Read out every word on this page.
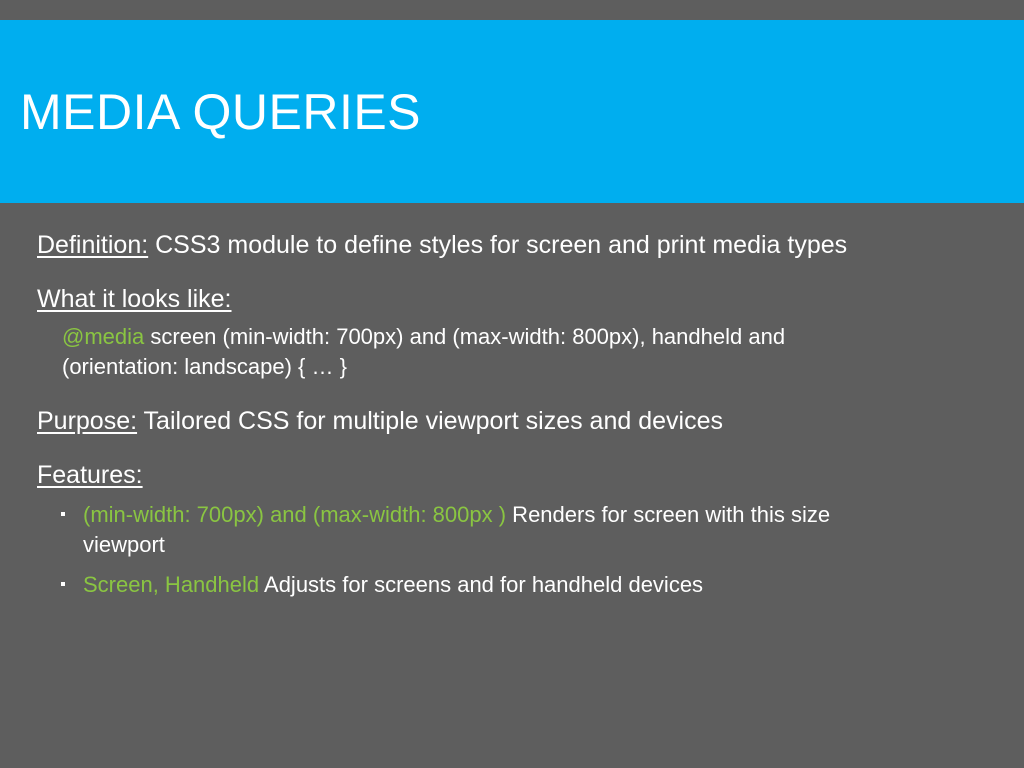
MEDIA QUERIES
Definition: CSS3 module to define styles for screen and print media types
What it looks like:
@media screen (min-width: 700px) and (max-width: 800px), handheld and
(orientation: landscape) { … }
Purpose: Tailored CSS for multiple viewport sizes and devices
Features:
(min-width: 700px) and (max-width: 800px ) Renders for screen with this size
viewport
Screen, Handheld Adjusts for screens and for handheld devices
